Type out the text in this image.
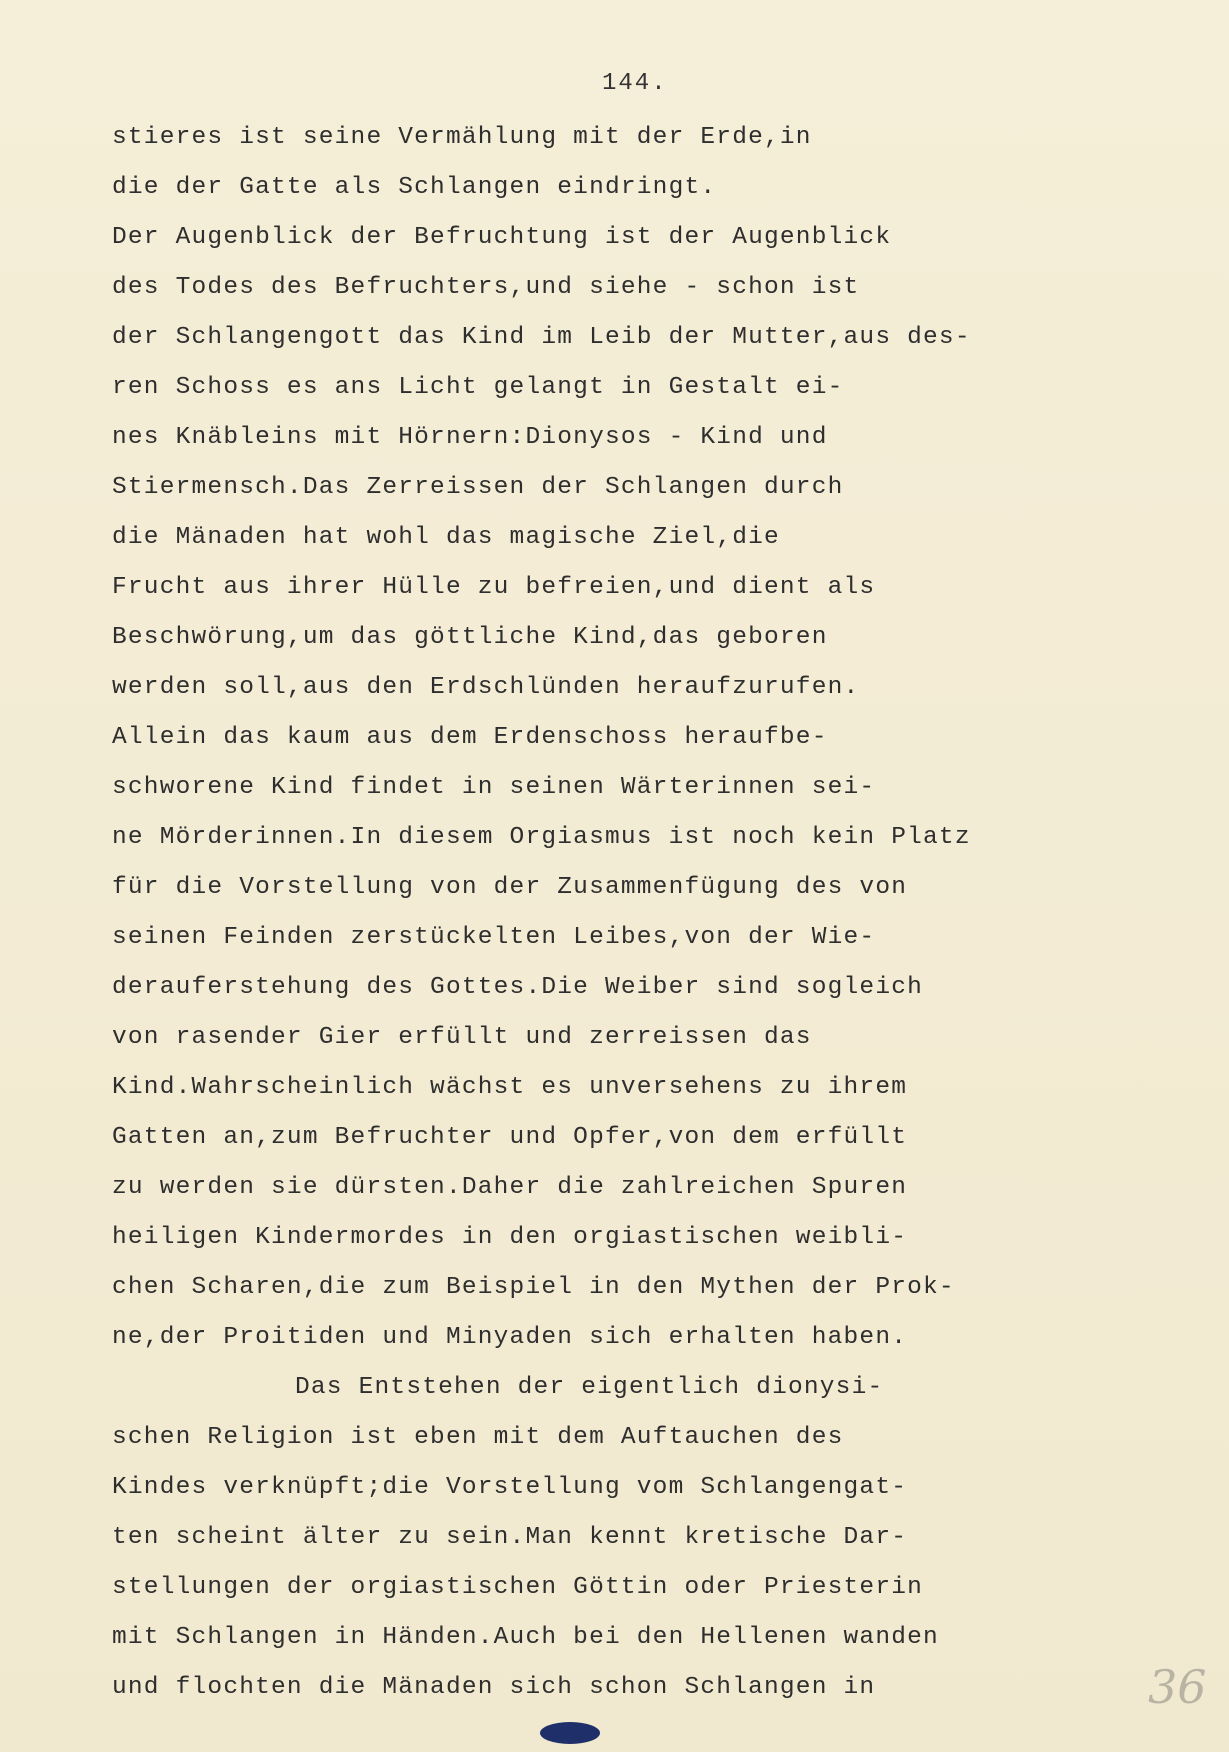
144.
stieres ist seine Vermählung mit der Erde,in
die der Gatte als Schlangen eindringt.
Der Augenblick der Befruchtung ist der Augenblick
des Todes des Befruchters,und siehe - schon ist
der Schlangengott das Kind im Leib der Mutter,aus des-
ren Schoss es ans Licht gelangt in Gestalt ei-
nes Knäbleins mit Hörnern:Dionysos - Kind und
Stiermensch.Das Zerreissen der Schlangen durch
die Mänaden hat wohl das magische Ziel,die
Frucht aus ihrer Hülle zu befreien,und dient als
Beschwörung,um das göttliche Kind,das geboren
werden soll,aus den Erdschlünden heraufzurufen.
Allein das kaum aus dem Erdenschoss heraufbe-
schworene Kind findet in seinen Wärterinnen sei-
ne Mörderinnen.In diesem Orgiasmus ist noch kein Platz
für die Vorstellung von der Zusammenfügung des von
seinen Feinden zerstückelten Leibes,von der Wie-
derauferstehung des Gottes.Die Weiber sind sogleich
von rasender Gier erfüllt und zerreissen das
Kind.Wahrscheinlich wächst es unversehens zu ihrem
Gatten an,zum Befruchter und Opfer,von dem erfüllt
zu werden sie dürsten.Daher die zahlreichen Spuren
heiligen Kindermordes in den orgiastischen weibli-
chen Scharen,die zum Beispiel in den Mythen der Prok-
ne,der Proitiden und Minyaden sich erhalten haben.
Das Entstehen der eigentlich dionysi-
schen Religion ist eben mit dem Auftauchen des
Kindes verknüpft;die Vorstellung vom Schlangengat-
ten scheint älter zu sein.Man kennt kretische Dar-
stellungen der orgiastischen Göttin oder Priesterin
mit Schlangen in Händen.Auch bei den Hellenen wanden
und flochten die Mänaden sich schon Schlangen in	36
